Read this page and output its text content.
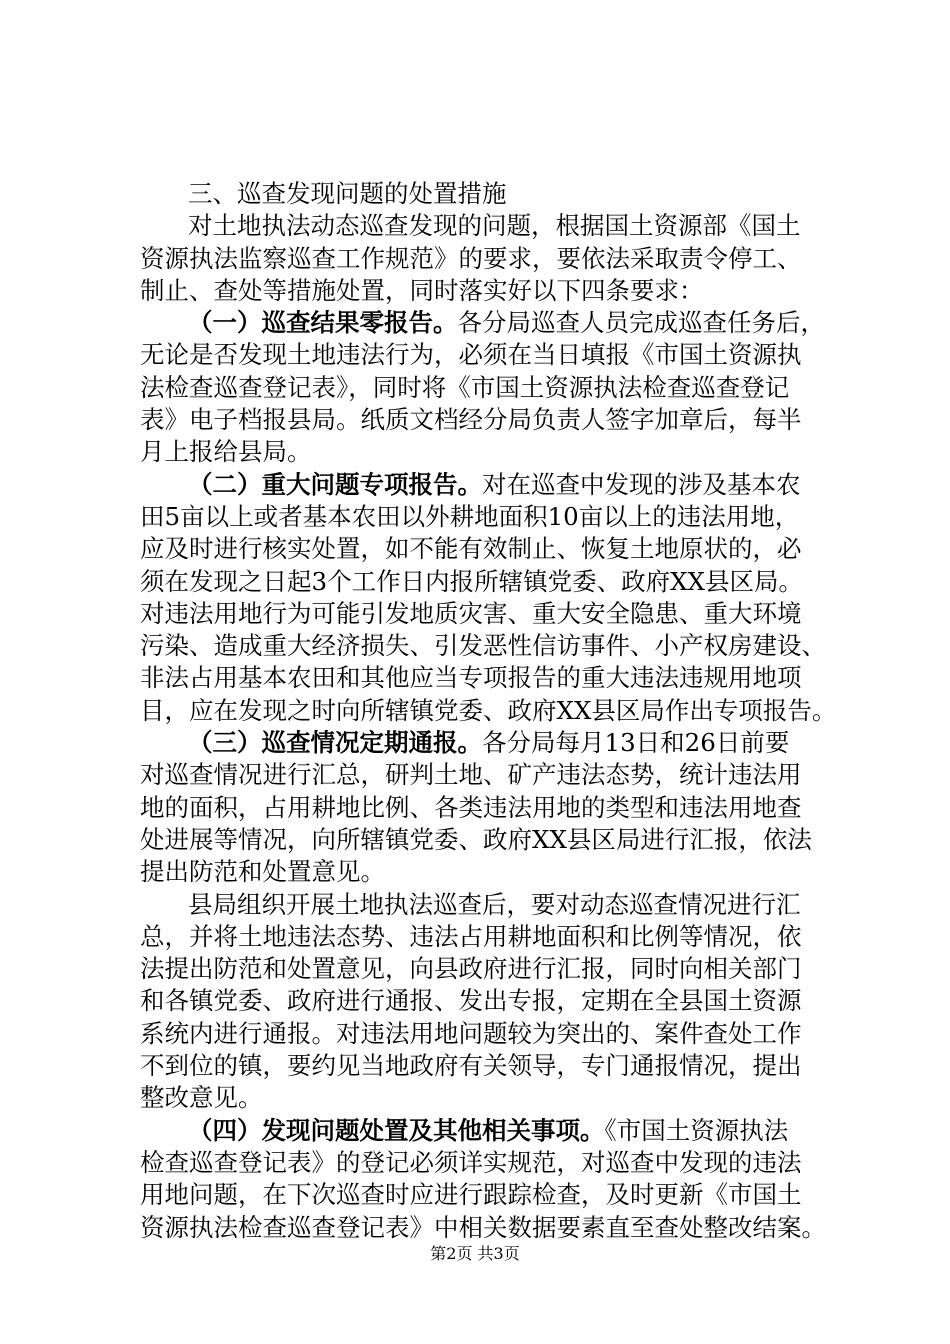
三、巡查发现问题的处置措施
对土地执法动态巡查发现的问题，根据国土资源部《国土
资源执法监察巡查工作规范》的要求，要依法采取责令停工、
制止、查处等措施处置，同时落实好以下四条要求：
（一）巡查结果零报告。各分局巡查人员完成巡查任务后，
无论是否发现土地违法行为，必须在当日填报《市国土资源执
法检查巡查登记表》，同时将《市国土资源执法检查巡查登记
表》电子档报县局。纸质文档经分局负责人签字加章后，每半
月上报给县局。
（二）重大问题专项报告。对在巡查中发现的涉及基本农
田5亩以上或者基本农田以外耕地面积10亩以上的违法用地，
应及时进行核实处置，如不能有效制止、恢复土地原状的，必
须在发现之日起3个工作日内报所辖镇党委、政府XX县区局。
对违法用地行为可能引发地质灾害、重大安全隐患、重大环境
污染、造成重大经济损失、引发恶性信访事件、小产权房建设、
非法占用基本农田和其他应当专项报告的重大违法违规用地项
目，应在发现之时向所辖镇党委、政府XX县区局作出专项报告。
（三）巡查情况定期通报。各分局每月13日和26日前要
对巡查情况进行汇总，研判土地、矿产违法态势，统计违法用
地的面积，占用耕地比例、各类违法用地的类型和违法用地查
处进展等情况，向所辖镇党委、政府XX县区局进行汇报，依法
提出防范和处置意见。
县局组织开展土地执法巡查后，要对动态巡查情况进行汇
总，并将土地违法态势、违法占用耕地面积和比例等情况，依
法提出防范和处置意见，向县政府进行汇报，同时向相关部门
和各镇党委、政府进行通报、发出专报，定期在全县国土资源
系统内进行通报。对违法用地问题较为突出的、案件查处工作
不到位的镇，要约见当地政府有关领导，专门通报情况，提出
整改意见。
（四）发现问题处置及其他相关事项。《市国土资源执法
检查巡查登记表》的登记必须详实规范，对巡查中发现的违法
用地问题，在下次巡查时应进行跟踪检查，及时更新《市国土
资源执法检查巡查登记表》中相关数据要素直至查处整改结案。
第2页 共3页
